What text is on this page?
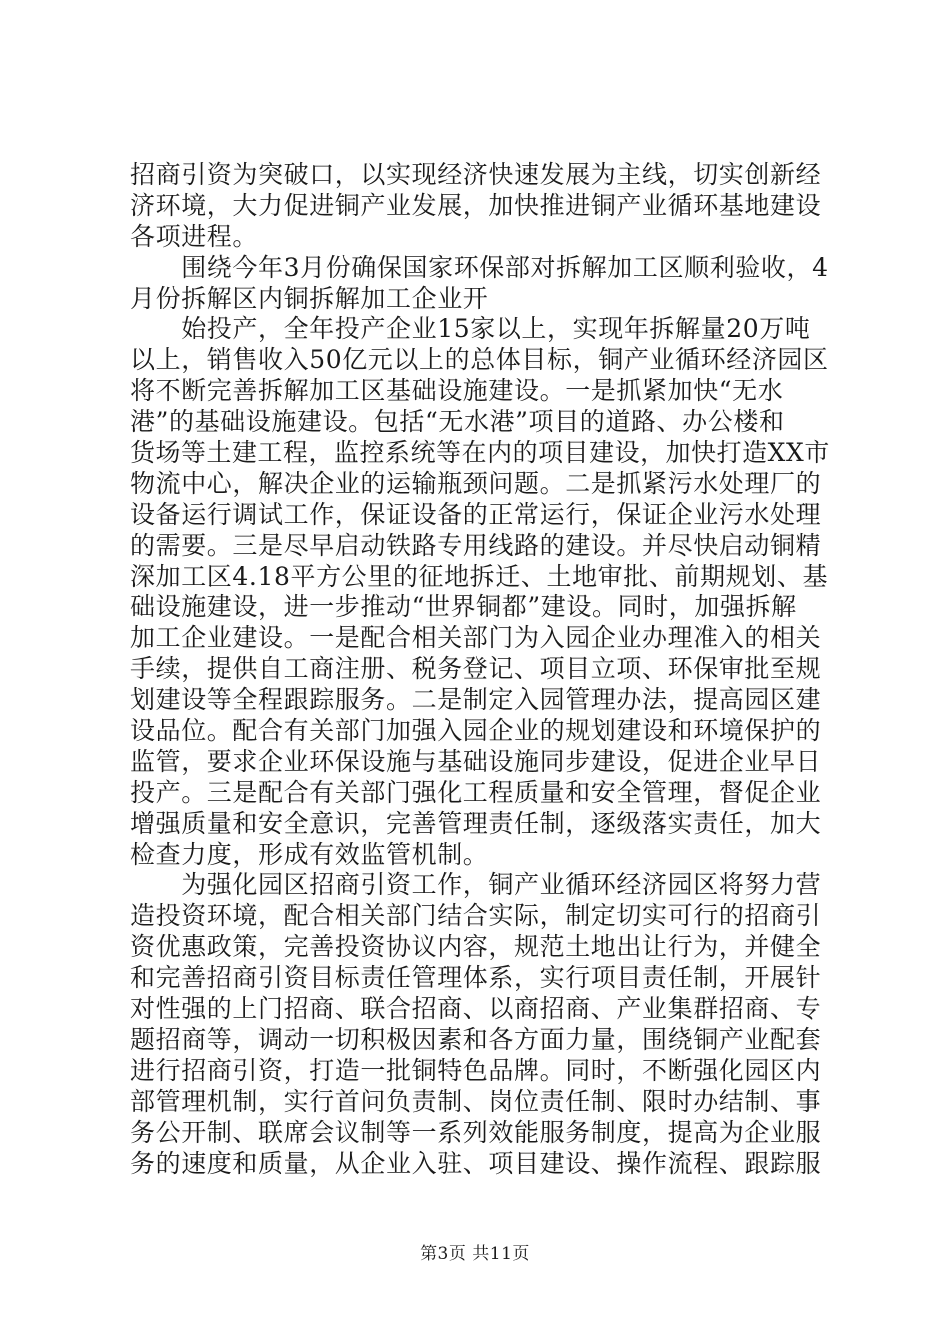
招商引资为突破口，以实现经济快速发展为主线，切实创新经
济环境，大力促进铜产业发展，加快推进铜产业循环基地建设
各项进程。
　　围绕今年3月份确保国家环保部对拆解加工区顺利验收，4
月份拆解区内铜拆解加工企业开
　　始投产，全年投产企业15家以上，实现年拆解量20万吨
以上，销售收入50亿元以上的总体目标，铜产业循环经济园区
将不断完善拆解加工区基础设施建设。一是抓紧加快“无水
港”的基础设施建设。包括“无水港”项目的道路、办公楼和
货场等土建工程，监控系统等在内的项目建设，加快打造XX市
物流中心，解决企业的运输瓶颈问题。二是抓紧污水处理厂的
设备运行调试工作，保证设备的正常运行，保证企业污水处理
的需要。三是尽早启动铁路专用线路的建设。并尽快启动铜精
深加工区4.18平方公里的征地拆迁、土地审批、前期规划、基
础设施建设，进一步推动“世界铜都”建设。同时，加强拆解
加工企业建设。一是配合相关部门为入园企业办理准入的相关
手续，提供自工商注册、税务登记、项目立项、环保审批至规
划建设等全程跟踪服务。二是制定入园管理办法，提高园区建
设品位。配合有关部门加强入园企业的规划建设和环境保护的
监管，要求企业环保设施与基础设施同步建设，促进企业早日
投产。三是配合有关部门强化工程质量和安全管理，督促企业
增强质量和安全意识，完善管理责任制，逐级落实责任，加大
检查力度，形成有效监管机制。
　　为强化园区招商引资工作，铜产业循环经济园区将努力营
造投资环境，配合相关部门结合实际，制定切实可行的招商引
资优惠政策，完善投资协议内容，规范土地出让行为，并健全
和完善招商引资目标责任管理体系，实行项目责任制，开展针
对性强的上门招商、联合招商、以商招商、产业集群招商、专
题招商等，调动一切积极因素和各方面力量，围绕铜产业配套
进行招商引资，打造一批铜特色品牌。同时，不断强化园区内
部管理机制，实行首问负责制、岗位责任制、限时办结制、事
务公开制、联席会议制等一系列效能服务制度，提高为企业服
务的速度和质量，从企业入驻、项目建设、操作流程、跟踪服
第3页 共11页
